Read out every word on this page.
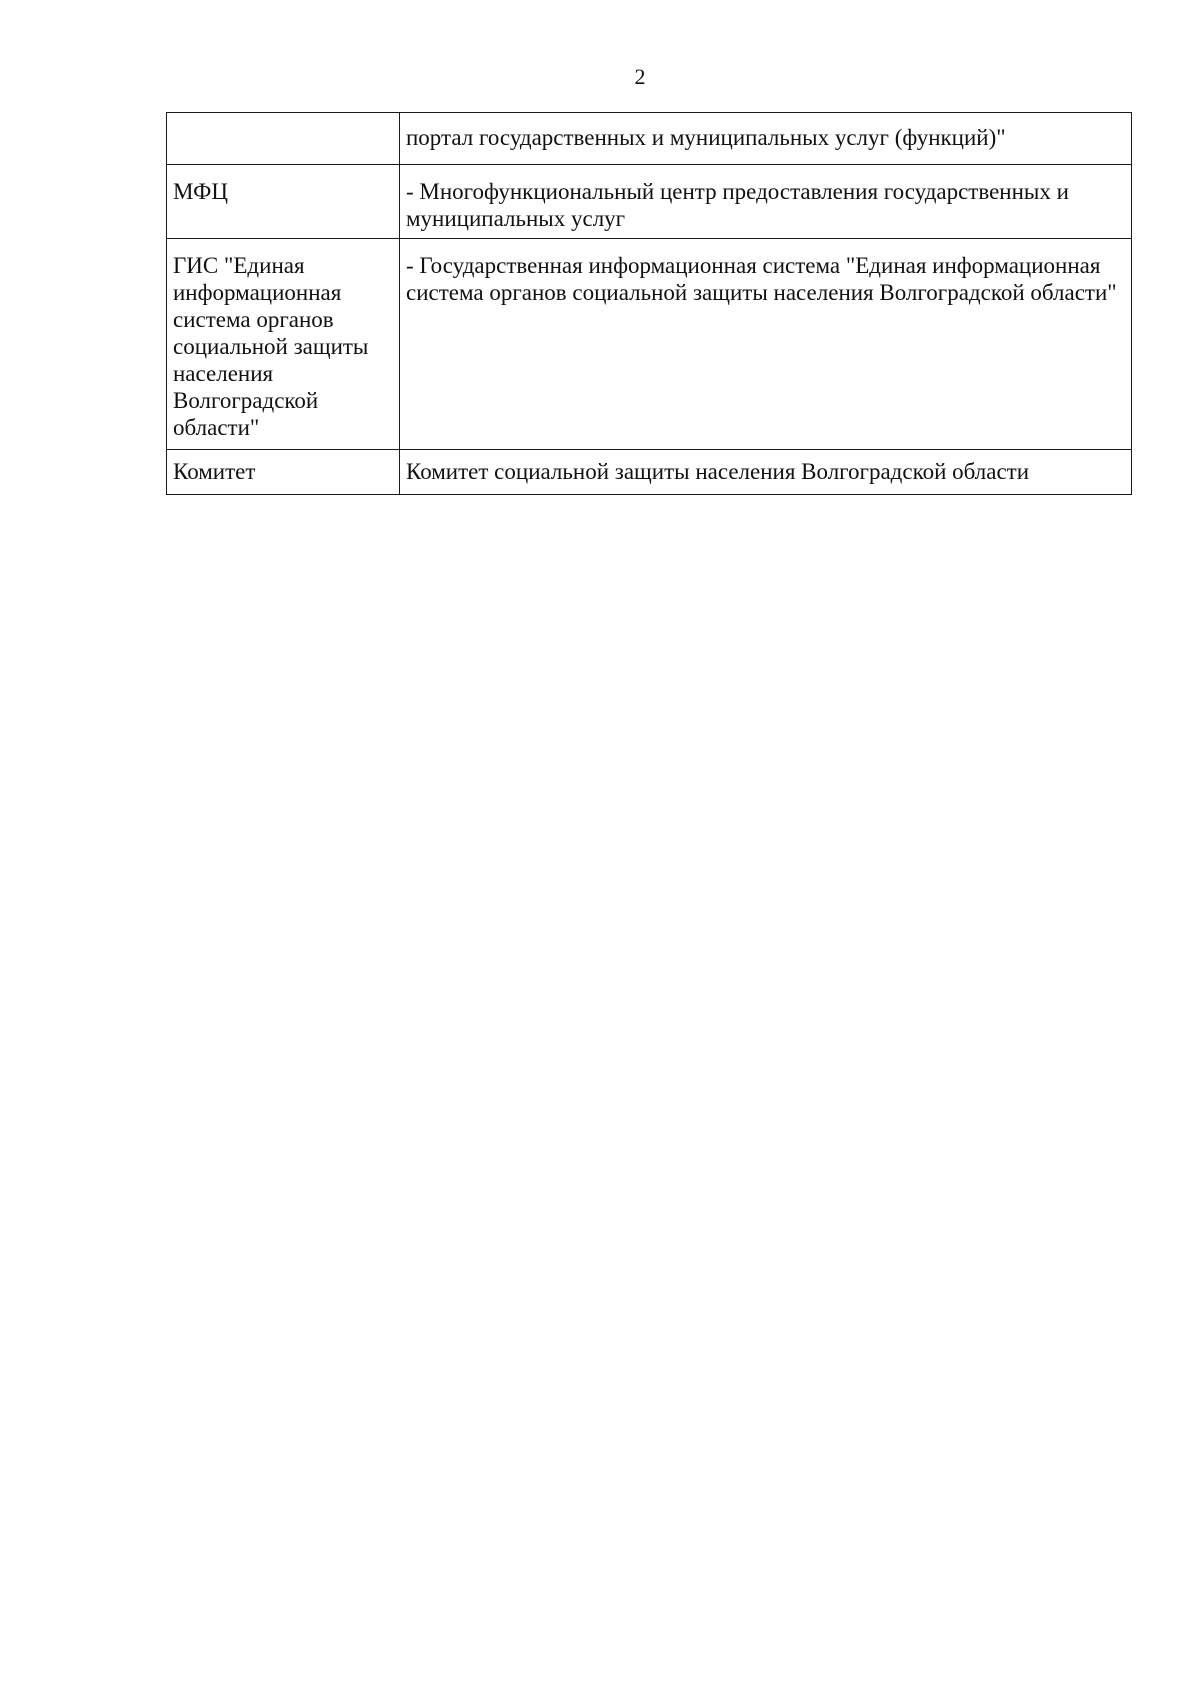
2

	портал государственных и муниципальных услуг (функций)"

МФЦ	- Многофункциональный центр предоставления государственных и муниципальных услуг

ГИС "Единая информационная система органов социальной защиты населения Волгоградской области"	- Государственная информационная система "Единая информационная система органов социальной защиты населения Волгоградской области"

Комитет	Комитет социальной защиты населения Волгоградской области
